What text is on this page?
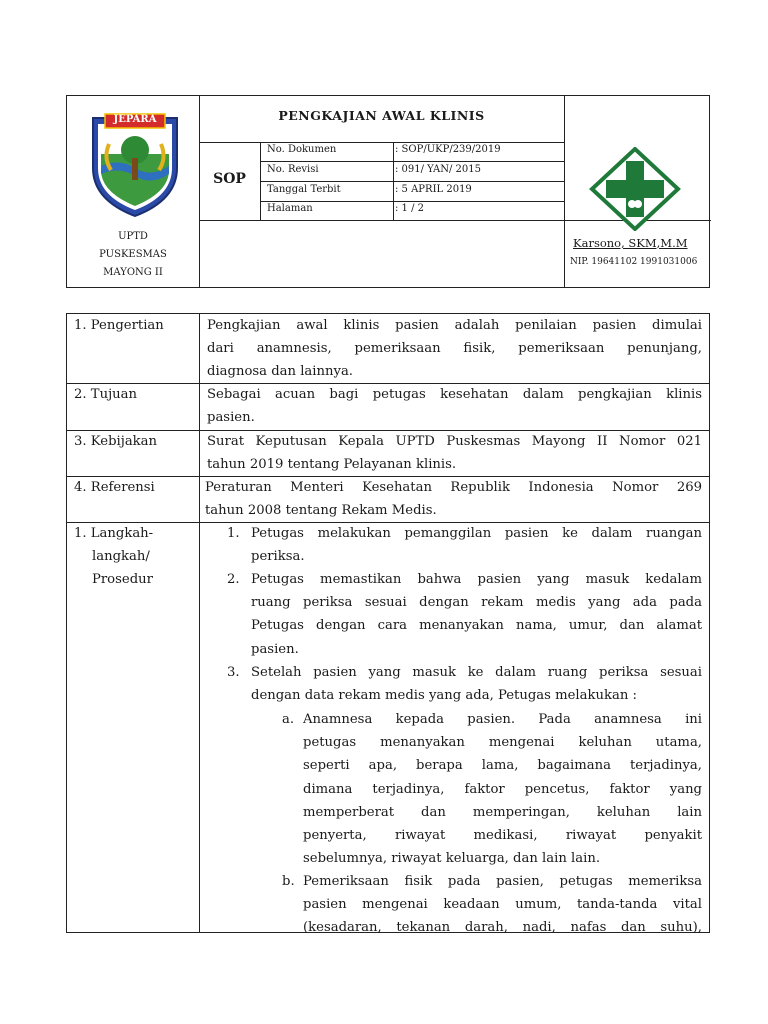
JEPARA
UPTD
PUSKESMAS
MAYONG II
PENGKAJIAN AWAL KLINIS
SOP
No. Dokumen	: SOP/UKP/239/2019
No. Revisi	: 091/ YAN/ 2015
Tanggal Terbit	: 5 APRIL 2019
Halaman	: 1 / 2
Karsono, SKM,M.M
NIP. 19641102 1991031006
1. Pengertian	Pengkajian awal klinis pasien adalah penilaian pasien dimulai
dari anamnesis, pemeriksaan fisik, pemeriksaan penunjang,
diagnosa dan lainnya.
2. Tujuan	Sebagai acuan bagi petugas kesehatan dalam pengkajian klinis
pasien.
3. Kebijakan	Surat Keputusan Kepala UPTD Puskesmas Mayong II Nomor 021
tahun 2019 tentang Pelayanan klinis.
4. Referensi	Peraturan Menteri Kesehatan Republik Indonesia Nomor 269
tahun 2008 tentang Rekam Medis.
1. Langkah-
langkah/
Prosedur
1. Petugas melakukan pemanggilan pasien ke dalam ruangan
periksa.
2. Petugas memastikan bahwa pasien yang masuk kedalam
ruang periksa sesuai dengan rekam medis yang ada pada
Petugas dengan cara menanyakan nama, umur, dan alamat
pasien.
3. Setelah pasien yang masuk ke dalam ruang periksa sesuai
dengan data rekam medis yang ada, Petugas melakukan :
a. Anamnesa kepada pasien. Pada anamnesa ini
petugas menanyakan mengenai keluhan utama,
seperti apa, berapa lama, bagaimana terjadinya,
dimana terjadinya, faktor pencetus, faktor yang
memperberat dan memperingan, keluhan lain
penyerta, riwayat medikasi, riwayat penyakit
sebelumnya, riwayat keluarga, dan lain lain.
b. Pemeriksaan fisik pada pasien, petugas memeriksa
pasien mengenai keadaan umum, tanda-tanda vital
(kesadaran, tekanan darah, nadi, nafas dan suhu),
